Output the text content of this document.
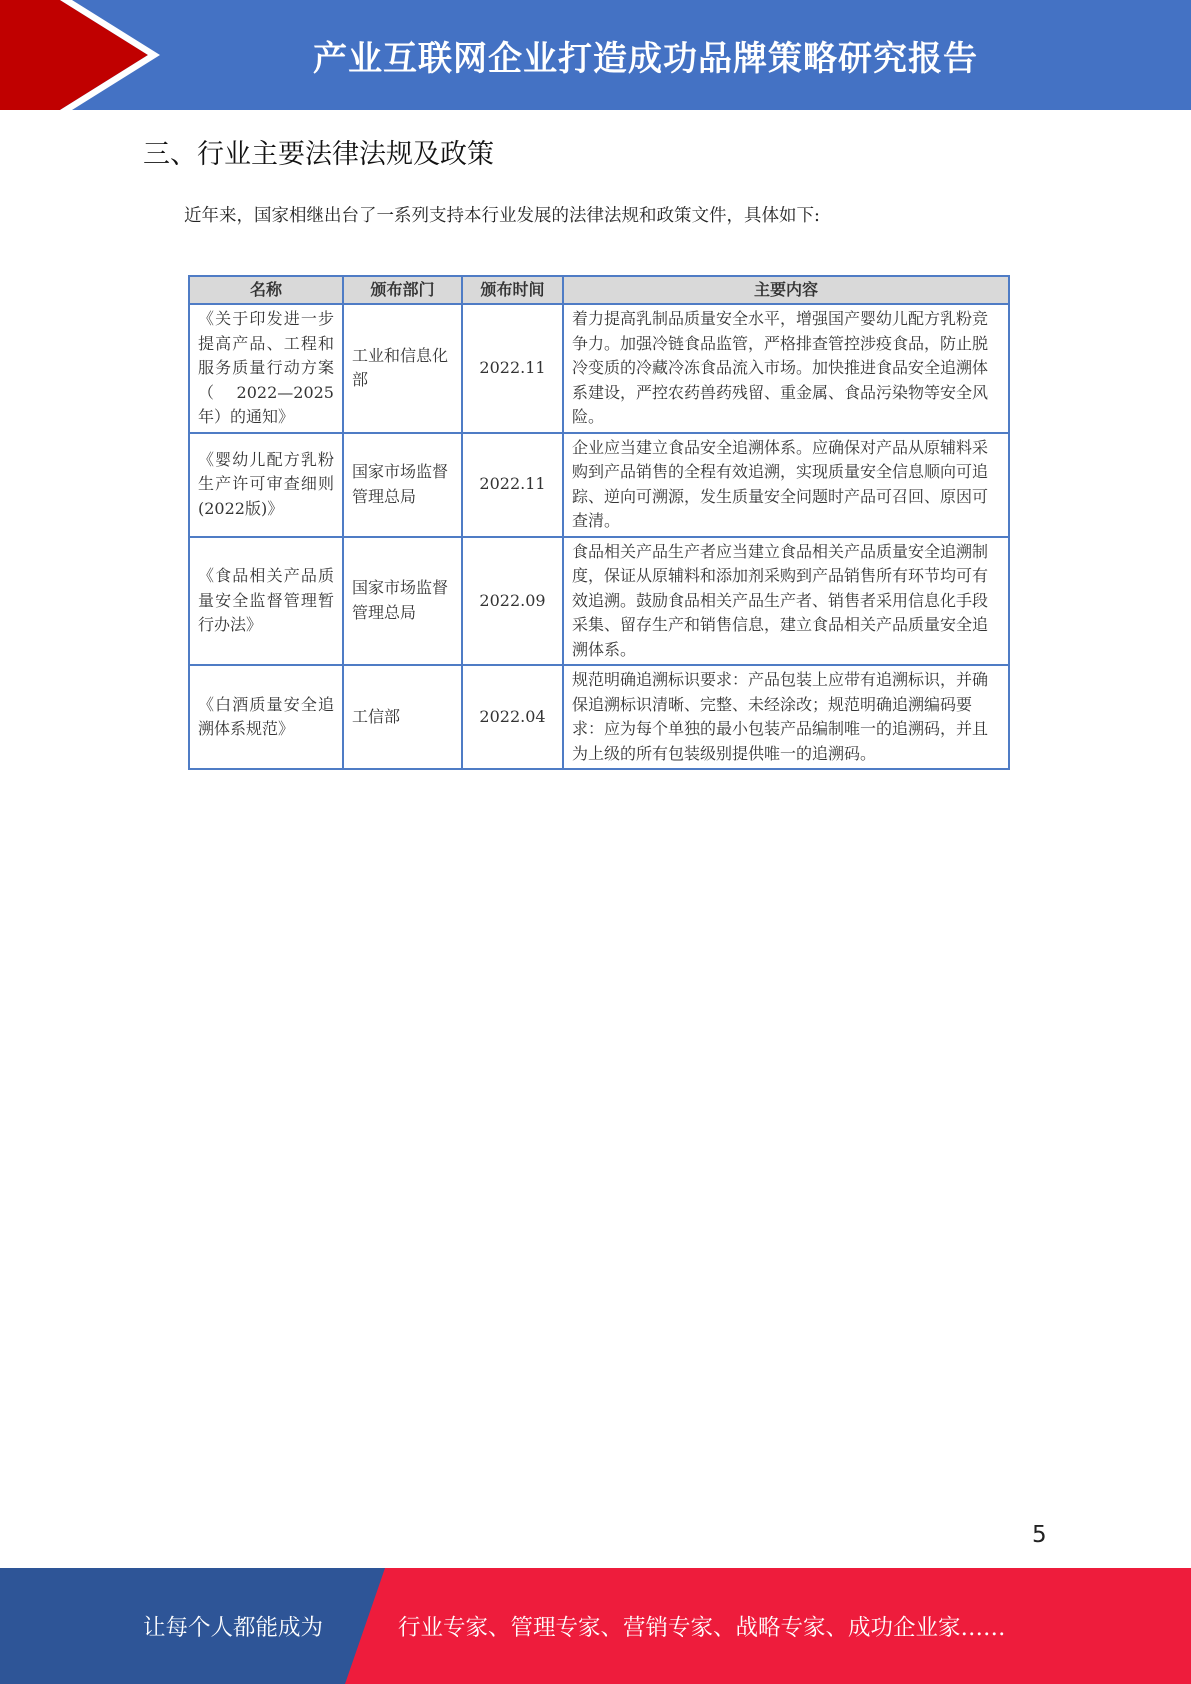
产业互联网企业打造成功品牌策略研究报告
三、行业主要法律法规及政策
近年来，国家相继出台了一系列支持本行业发展的法律法规和政策文件，具体如下:
名称	颁布部门	颁布时间	主要内容
《关于印发进一步提高产品、工程和服务质量行动方案（2022—2025年）的通知》	工业和信息化部	2022.11	着力提高乳制品质量安全水平，增强国产婴幼儿配方乳粉竞争力。加强冷链食品监管，严格排查管控涉疫食品，防止脱冷变质的冷藏冷冻食品流入市场。加快推进食品安全追溯体系建设，严控农药兽药残留、重金属、食品污染物等安全风险。
《婴幼儿配方乳粉生产许可审查细则(2022版)》	国家市场监督管理总局	2022.11	企业应当建立食品安全追溯体系。应确保对产品从原辅料采购到产品销售的全程有效追溯，实现质量安全信息顺向可追踪、逆向可溯源，发生质量安全问题时产品可召回、原因可查清。
《食品相关产品质量安全监督管理暂行办法》	国家市场监督管理总局	2022.09	食品相关产品生产者应当建立食品相关产品质量安全追溯制度，保证从原辅料和添加剂采购到产品销售所有环节均可有效追溯。鼓励食品相关产品生产者、销售者采用信息化手段采集、留存生产和销售信息，建立食品相关产品质量安全追溯体系。
《白酒质量安全追溯体系规范》	工信部	2022.04	规范明确追溯标识要求：产品包装上应带有追溯标识，并确保追溯标识清晰、完整、未经涂改；规范明确追溯编码要求：应为每个单独的最小包装产品编制唯一的追溯码，并且为上级的所有包装级别提供唯一的追溯码。
5
让每个人都能成为	行业专家、管理专家、营销专家、战略专家、成功企业家……
